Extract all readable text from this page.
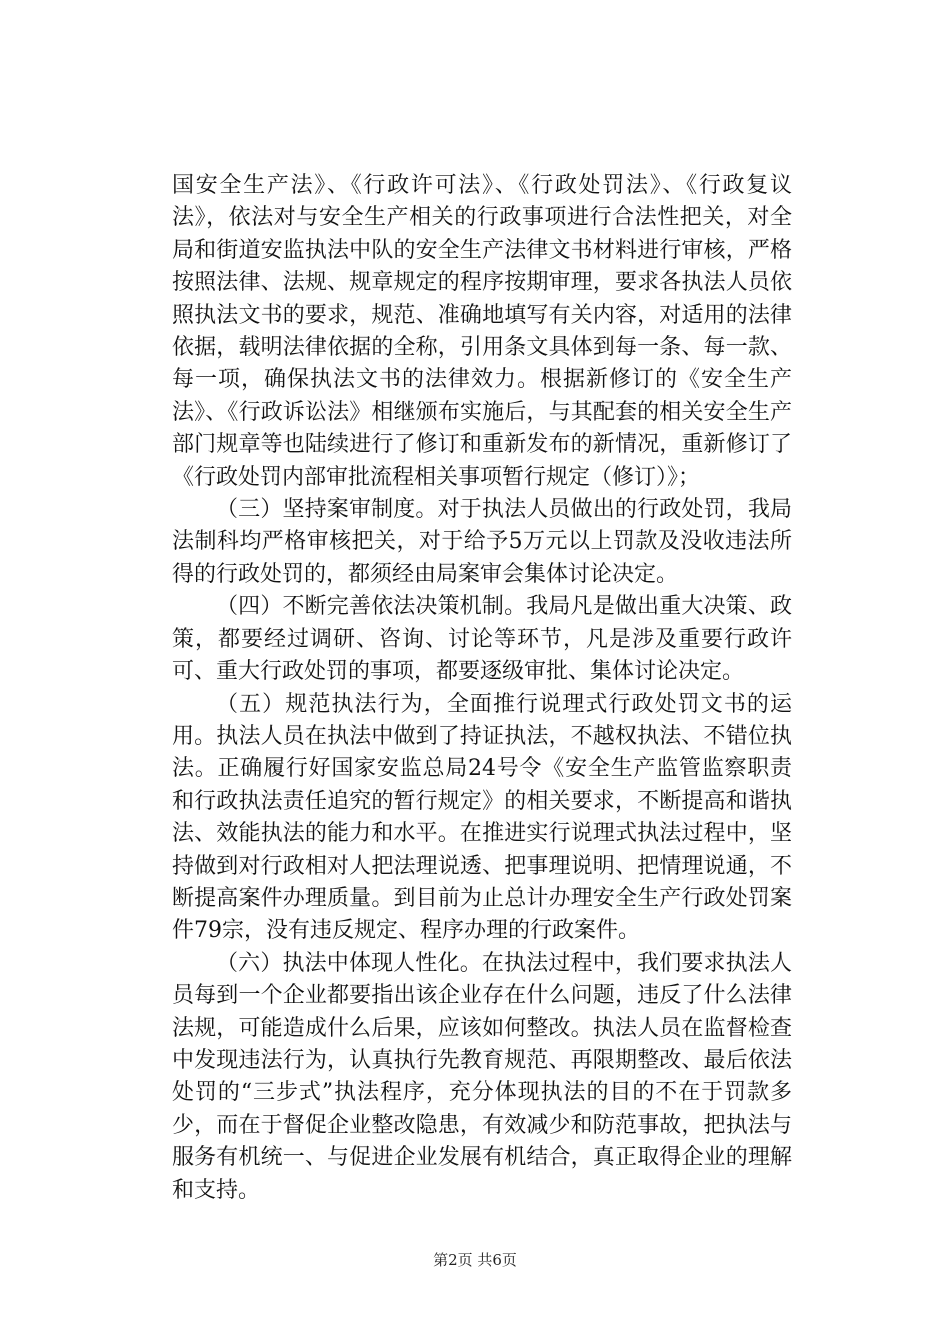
国安全生产法》、《行政许可法》、《行政处罚法》、《行政复议法》，依法对与安全生产相关的行政事项进行合法性把关，对全局和街道安监执法中队的安全生产法律文书材料进行审核，严格按照法律、法规、规章规定的程序按期审理，要求各执法人员依照执法文书的要求，规范、准确地填写有关内容，对适用的法律依据，载明法律依据的全称，引用条文具体到每一条、每一款、每一项，确保执法文书的法律效力。根据新修订的《安全生产法》、《行政诉讼法》相继颁布实施后，与其配套的相关安全生产部门规章等也陆续进行了修订和重新发布的新情况，重新修订了《行政处罚内部审批流程相关事项暂行规定（修订）》；

（三）坚持案审制度。对于执法人员做出的行政处罚，我局法制科均严格审核把关，对于给予5万元以上罚款及没收违法所得的行政处罚的，都须经由局案审会集体讨论决定。

（四）不断完善依法决策机制。我局凡是做出重大决策、政策，都要经过调研、咨询、讨论等环节，凡是涉及重要行政许可、重大行政处罚的事项，都要逐级审批、集体讨论决定。

（五）规范执法行为，全面推行说理式行政处罚文书的运用。执法人员在执法中做到了持证执法，不越权执法、不错位执法。正确履行好国家安监总局24号令《安全生产监管监察职责和行政执法责任追究的暂行规定》的相关要求，不断提高和谐执法、效能执法的能力和水平。在推进实行说理式执法过程中，坚持做到对行政相对人把法理说透、把事理说明、把情理说通，不断提高案件办理质量。到目前为止总计办理安全生产行政处罚案件79宗，没有违反规定、程序办理的行政案件。

（六）执法中体现人性化。在执法过程中，我们要求执法人员每到一个企业都要指出该企业存在什么问题，违反了什么法律法规，可能造成什么后果，应该如何整改。执法人员在监督检查中发现违法行为，认真执行先教育规范、再限期整改、最后依法处罚的“三步式”执法程序，充分体现执法的目的不在于罚款多少，而在于督促企业整改隐患，有效减少和防范事故，把执法与服务有机统一、与促进企业发展有机结合，真正取得企业的理解和支持。

第2页 共6页
